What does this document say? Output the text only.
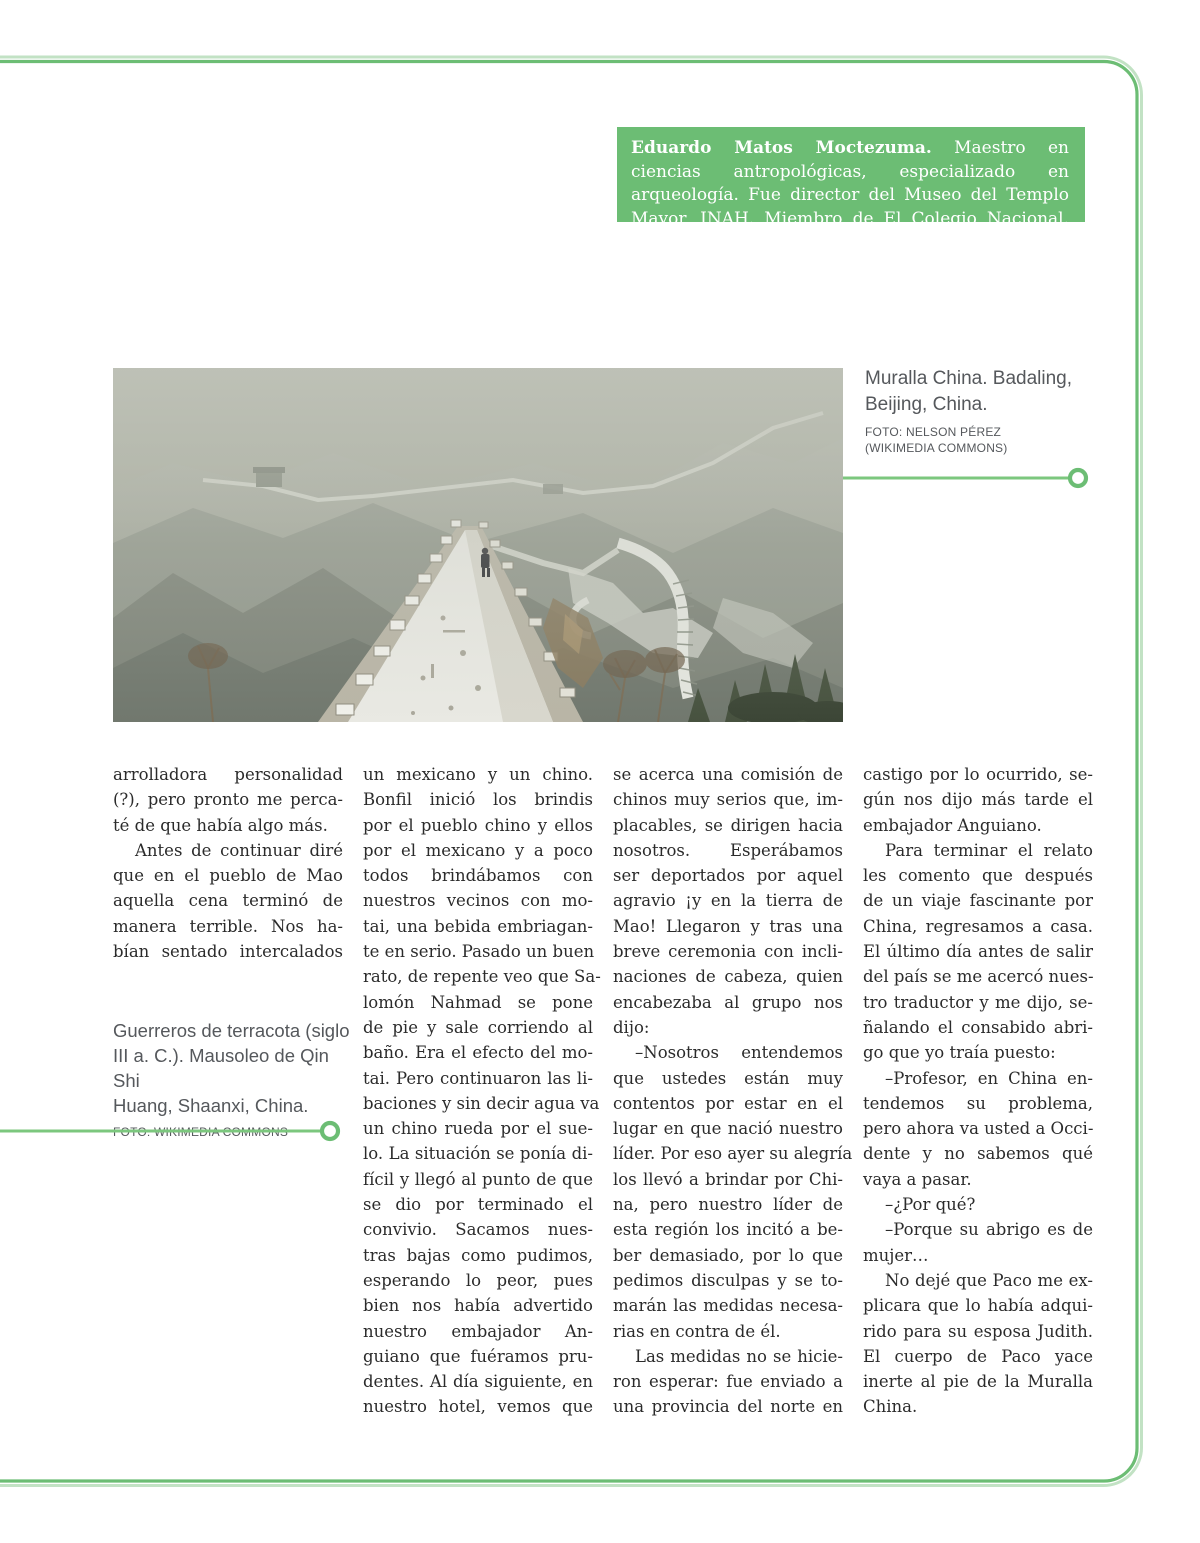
Eduardo Matos Moctezuma. Maestro en ciencias antropológicas, especializado en arqueología. Fue director del Museo del Templo Mayor, INAH. Miembro de El Colegio Nacional. Profesor emérito del INAH.
Muralla China. Badaling,
Beijing, China.
FOTO: NELSON PÉREZ
(WIKIMEDIA COMMONS)
Guerreros de terracota (siglo
III a. C.). Mausoleo de Qin Shi
Huang, Shaanxi, China.
FOTO: WIKIMEDIA COMMONS
arrolladora personalidad
(?), pero pronto me perca-
té de que había algo más.
Antes de continuar diré
que en el pueblo de Mao
aquella cena terminó de
manera terrible. Nos ha-
bían sentado intercalados
un mexicano y un chino.
Bonfil inició los brindis
por el pueblo chino y ellos
por el mexicano y a poco
todos brindábamos con
nuestros vecinos con mo-
tai, una bebida embriagan-
te en serio. Pasado un buen
rato, de repente veo que Sa-
lomón Nahmad se pone
de pie y sale corriendo al
baño. Era el efecto del mo-
tai. Pero continuaron las li-
baciones y sin decir agua va
un chino rueda por el sue-
lo. La situación se ponía di-
fícil y llegó al punto de que
se dio por terminado el
convivio. Sacamos nues-
tras bajas como pudimos,
esperando lo peor, pues
bien nos había advertido
nuestro embajador An-
guiano que fuéramos pru-
dentes. Al día siguiente, en
nuestro hotel, vemos que
se acerca una comisión de
chinos muy serios que, im-
placables, se dirigen hacia
nosotros. Esperábamos
ser deportados por aquel
agravio ¡y en la tierra de
Mao! Llegaron y tras una
breve ceremonia con incli-
naciones de cabeza, quien
encabezaba al grupo nos
dijo:
–Nosotros entendemos
que ustedes están muy
contentos por estar en el
lugar en que nació nuestro
líder. Por eso ayer su alegría
los llevó a brindar por Chi-
na, pero nuestro líder de
esta región los incitó a be-
ber demasiado, por lo que
pedimos disculpas y se to-
marán las medidas necesa-
rias en contra de él.
Las medidas no se hicie-
ron esperar: fue enviado a
una provincia del norte en
castigo por lo ocurrido, se-
gún nos dijo más tarde el
embajador Anguiano.
Para terminar el relato
les comento que después
de un viaje fascinante por
China, regresamos a casa.
El último día antes de salir
del país se me acercó nues-
tro traductor y me dijo, se-
ñalando el consabido abri-
go que yo traía puesto:
–Profesor, en China en-
tendemos su problema,
pero ahora va usted a Occi-
dente y no sabemos qué
vaya a pasar.
–¿Por qué?
–Porque su abrigo es de
mujer…
No dejé que Paco me ex-
plicara que lo había adqui-
rido para su esposa Judith.
El cuerpo de Paco yace
inerte al pie de la Muralla
China.
